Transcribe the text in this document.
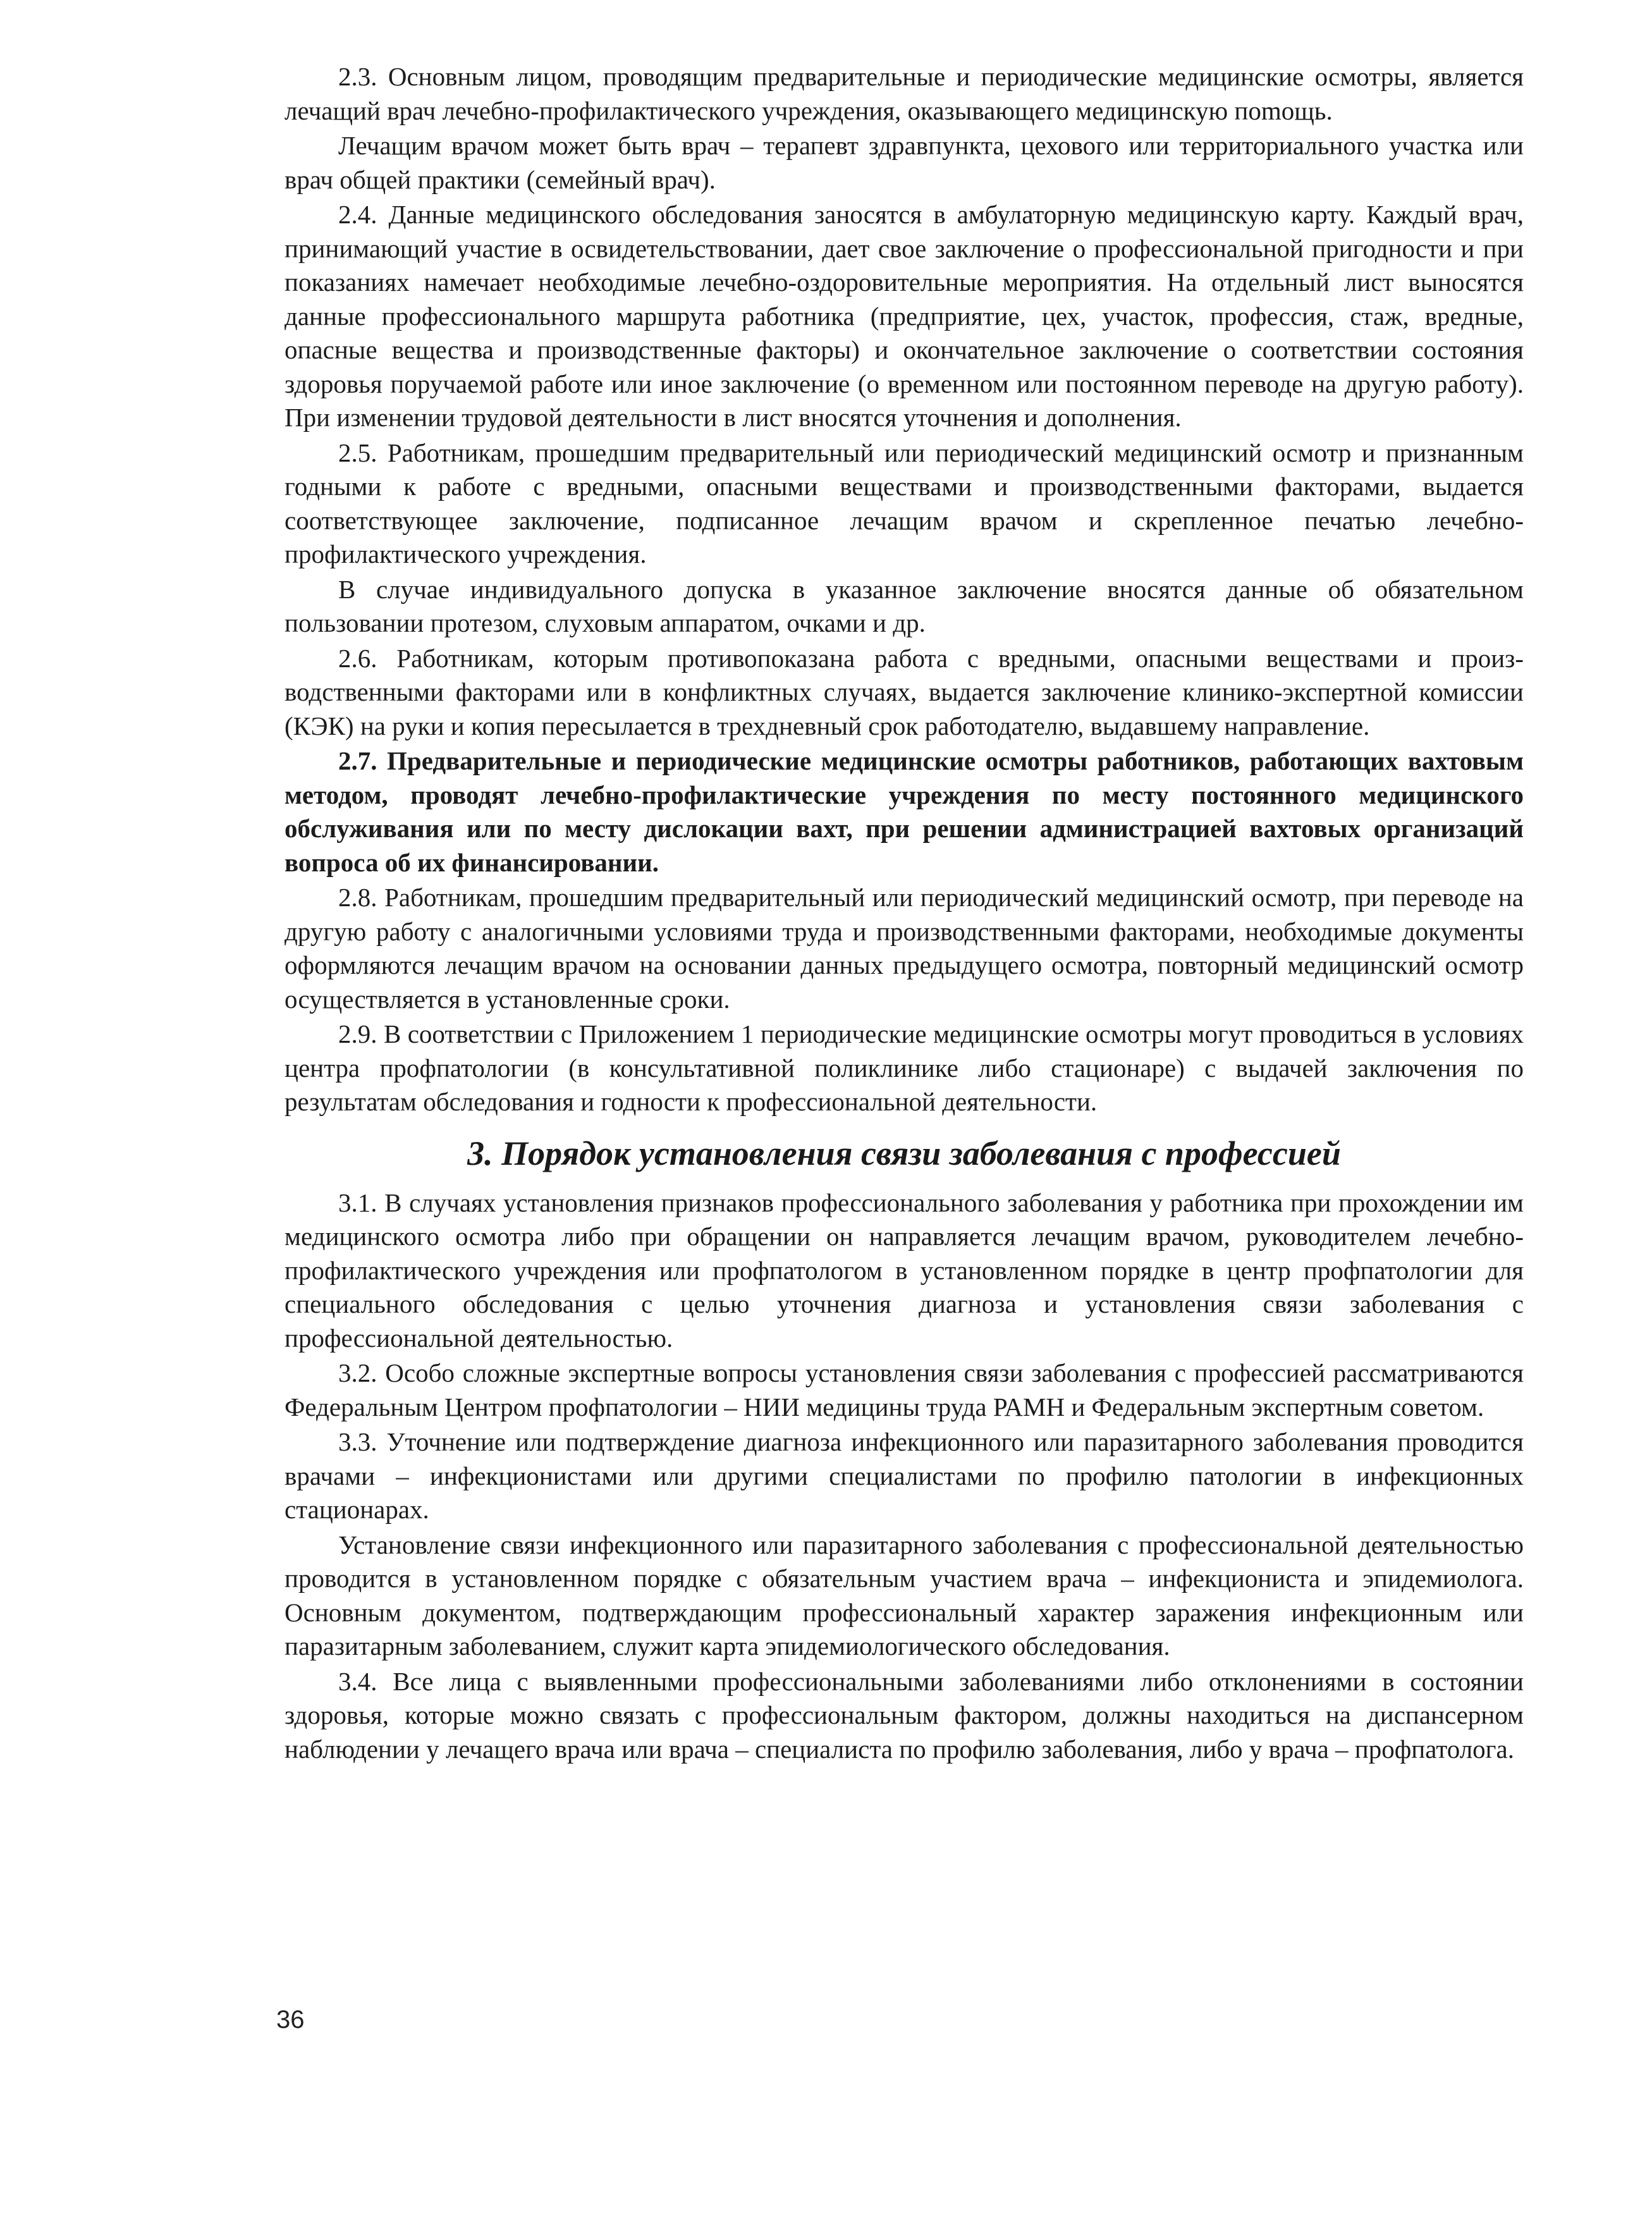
2.3. Основным лицом, проводящим предварительные и периодические медицинские осмотры, является лечащий врач лечебно-профилактического учреждения, оказывающего медицинскую поmощь.

Лечащим врачом может быть врач – терапевт здравпункта, цехового или территориального участка или врач общей практики (семейный врач).

2.4. Данные медицинского обследования заносятся в амбулаторную медицинскую карту. Каждый врач, принимающий участие в освидетельствовании, дает свое заключение о профессиональной пригодности и при показаниях намечает необходимые лечебно-оздоровительные мероприятия. На отдельный лист выносятся данные профессионального маршрута работника (предприятие, цех, участок, профессия, стаж, вредные, опасные вещества и производственные факторы) и окончательное заключение о соответствии состояния здоровья поручаемой работе или иное заключение (о временном или постоянном переводе на другую работу). При изменении трудовой деятельности в лист вносятся уточнения и дополнения.

2.5. Работникам, прошедшим предварительный или периодический медицинский осмотр и признанным годными к работе с вредными, опасными веществами и производственными факторами, выдается соответствующее заключение, подписанное лечащим врачом и скрепленное печатью лечебно-профилактического учреждения.

В случае индивидуального допуска в указанное заключение вносятся данные об обязательном пользовании протезом, слуховым аппаратом, очками и др.

2.6. Работникам, которым противопоказана работа с вредными, опасными веществами и производственными факторами или в конфликтных случаях, выдается заключение клинико-экспертной комиссии (КЭК) на руки и копия пересылается в трехдневный срок работодателю, выдавшему направление.

2.7. Предварительные и периодические медицинские осмотры работников, работающих вахтовым методом, проводят лечебно-профилактические учреждения по месту постоянного медицинского обслуживания или по месту дислокации вахт, при решении администрацией вахтовых организаций вопроса об их финансировании.

2.8. Работникам, прошедшим предварительный или периодический медицинский осмотр, при переводе на другую работу с аналогичными условиями труда и производственными факторами, необходимые документы оформляются лечащим врачом на основании данных предыдущего осмотра, повторный медицинский осмотр осуществляется в установленные сроки.

2.9. В соответствии с Приложением 1 периодические медицинские осмотры могут проводиться в условиях центра профпатологии (в консультативной поликлинике либо стационаре) с выдачей заключения по результатам обследования и годности к профессиональной деятельности.

3. Порядок установления связи заболевания с профессией

3.1. В случаях установления признаков профессионального заболевания у работника при прохождении им медицинского осмотра либо при обращении он направляется лечащим врачом, руководителем лечебно-профилактического учреждения или профпатологом в установленном порядке в центр профпатологии для специального обследования с целью уточнения диагноза и установления связи заболевания с профессиональной деятельностью.

3.2. Особо сложные экспертные вопросы установления связи заболевания с профессией рассматриваются Федеральным Центром профпатологии – НИИ медицины труда РАМН и Федеральным экспертным советом.

3.3. Уточнение или подтверждение диагноза инфекционного или паразитарного заболевания проводится врачами – инфекционистами или другими специалистами по профилю патологии в инфекционных стационарах.

Установление связи инфекционного или паразитарного заболевания с профессиональной деятельностью проводится в установленном порядке с обязательным участием врача – инфекциониста и эпидемиолога. Основным документом, подтверждающим профессиональный характер заражения инфекционным или паразитарным заболеванием, служит карта эпидемиологического обследования.

3.4. Все лица с выявленными профессиональными заболеваниями либо отклонениями в состоянии здоровья, которые можно связать с профессиональным фактором, должны находиться на диспансерном наблюдении у лечащего врача или врача – специалиста по профилю заболевания, либо у врача – профпатолога.

36
